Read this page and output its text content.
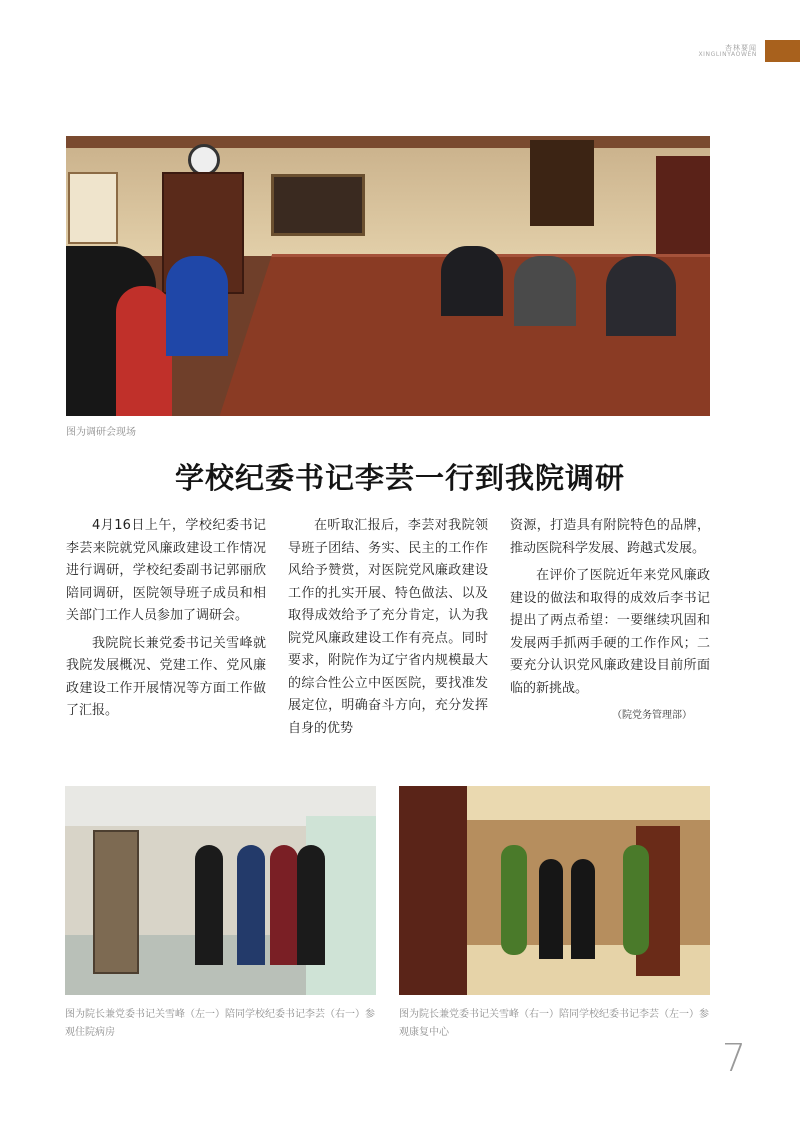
杏林要闻
XINGLINYAOWEN
图为调研会现场
学校纪委书记李芸一行到我院调研

4月16日上午，学校纪委书记李芸来院就党风廉政建设工作情况进行调研，学校纪委副书记郭丽欣陪同调研，医院领导班子成员和相关部门工作人员参加了调研会。

我院院长兼党委书记关雪峰就我院发展概况、党建工作、党风廉政建设工作开展情况等方面工作做了汇报。

在听取汇报后，李芸对我院领导班子团结、务实、民主的工作作风给予赞赏，对医院党风廉政建设工作的扎实开展、特色做法、以及取得成效给予了充分肯定，认为我院党风廉政建设工作有亮点。同时要求，附院作为辽宁省内规模最大的综合性公立中医医院，要找准发展定位，明确奋斗方向，充分发挥自身的优势

资源，打造具有附院特色的品牌，推动医院科学发展、跨越式发展。

在评价了医院近年来党风廉政建设的做法和取得的成效后李书记提出了两点希望：一要继续巩固和发展两手抓两手硬的工作作风；二要充分认识党风廉政建设目前所面临的新挑战。

（院党务管理部）
图为院长兼党委书记关雪峰（左一）陪同学校纪委书记李芸（右一）参观住院病房
图为院长兼党委书记关雪峰（右一）陪同学校纪委书记李芸（左一）参观康复中心
7
